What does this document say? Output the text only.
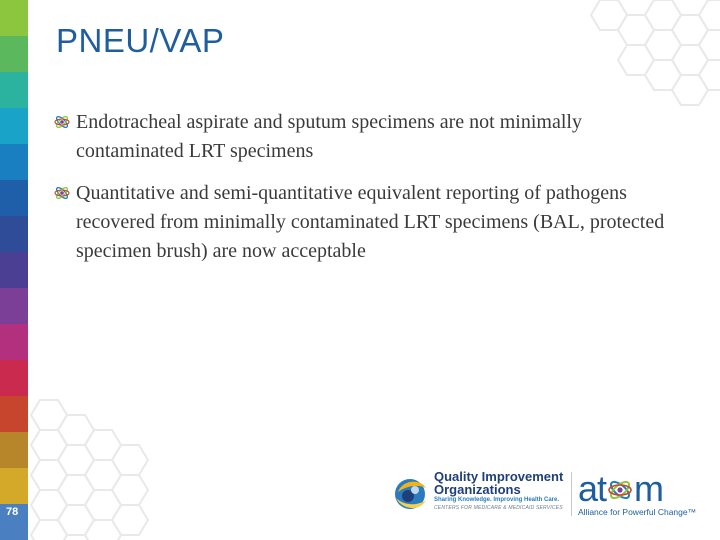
PNEU/VAP
Endotracheal aspirate and sputum specimens are not minimally contaminated LRT specimens
Quantitative and semi-quantitative equivalent reporting of pathogens recovered from minimally contaminated LRT specimens (BAL, protected specimen brush) are now acceptable
78
Quality Improvement
Organizations
Sharing Knowledge. Improving Health Care.
CENTERS FOR MEDICARE & MEDICAID SERVICES at m
Alliance for Powerful Change™
